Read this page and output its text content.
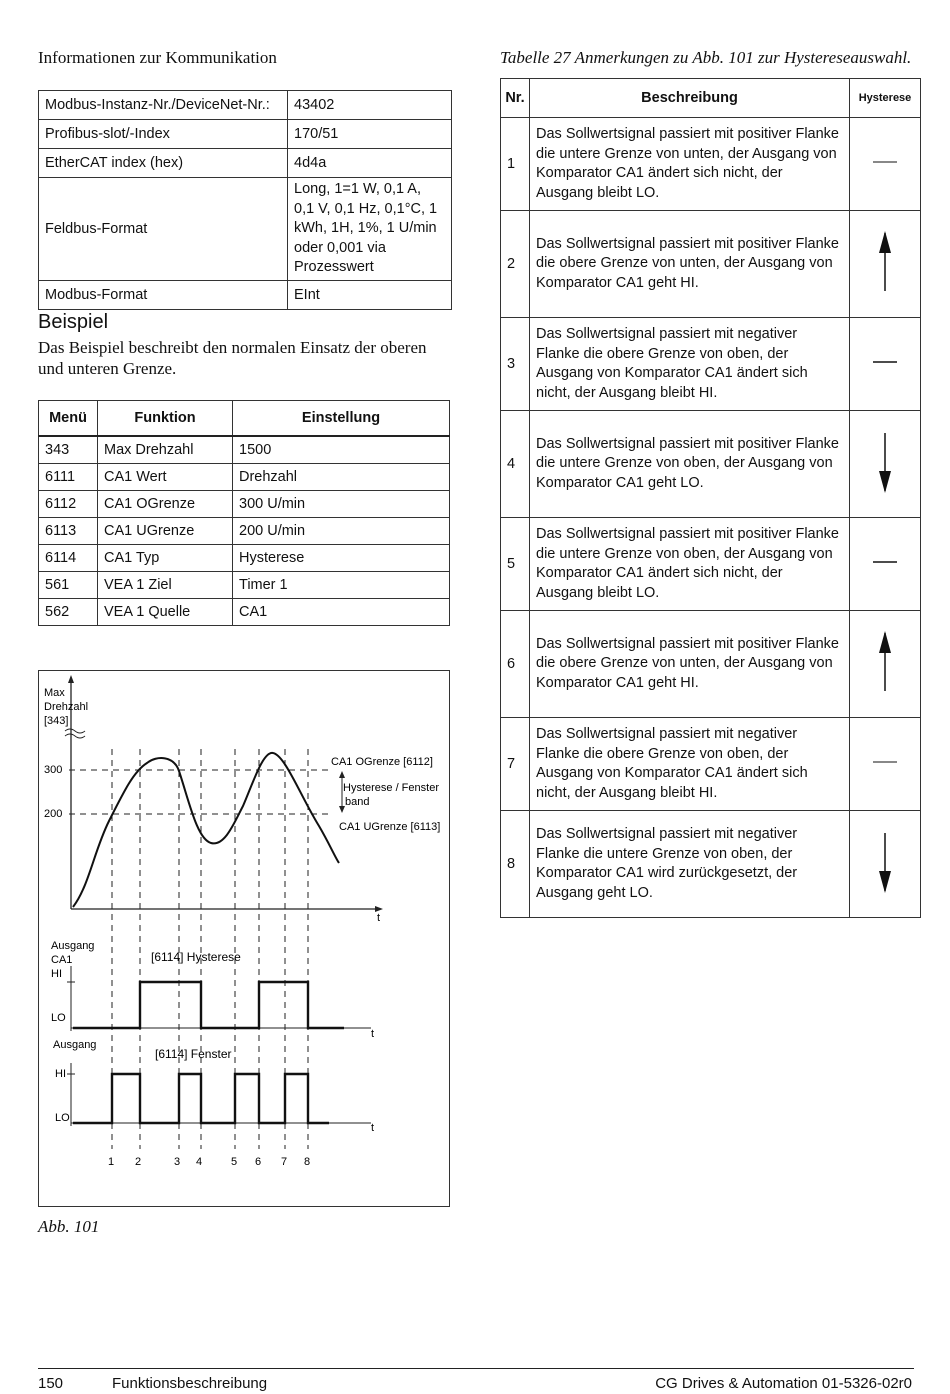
Informationen zur Kommunikation	Tabelle 27 Anmerkungen zu Abb. 101 zur Hystereseauswahl.
Modbus-Instanz-Nr./DeviceNet-Nr.:	43402
Profibus-slot/-Index	170/51
EtherCAT index (hex)	4d4a
Feldbus-Format	Long, 1=1 W, 0,1 A, 0,1 V, 0,1 Hz, 0,1°C, 1 kWh, 1H, 1%, 1 U/min oder 0,001 via Prozesswert
Modbus-Format	EInt
Beispiel
Das Beispiel beschreibt den normalen Einsatz der oberen und unteren Grenze.
Menü	Funktion	Einstellung
343	Max Drehzahl	1500
6111	CA1 Wert	Drehzahl
6112	CA1 OGrenze	300 U/min
6113	CA1 UGrenze	200 U/min
6114	CA1 Typ	Hysterese
561	VEA 1 Ziel	Timer 1
562	VEA 1 Quelle	CA1
Max
Drehzahl
[343]
300
200
CA1 OGrenze [6112]
Hysterese / Fenster
band
CA1 UGrenze [6113]
t
Ausgang
CA1
HI
LO
[6114] Hysterese
t
Ausgang
HI
LO
[6114] Fenster
t
1 2	3 4	5 6 7 8
Abb. 101
Nr.	Beschreibung	Hysterese
1	Das Sollwertsignal passiert mit positiver Flanke die untere Grenze von unten, der Ausgang von Komparator CA1 ändert sich nicht, der Ausgang bleibt LO.	
2	Das Sollwertsignal passiert mit positiver Flanke die obere Grenze von unten, der Ausgang von Komparator CA1 geht HI.	
3	Das Sollwertsignal passiert mit negativer Flanke die obere Grenze von oben, der Ausgang von Komparator CA1 ändert sich nicht, der Ausgang bleibt HI.	
4	Das Sollwertsignal passiert mit positiver Flanke die untere Grenze von oben, der Ausgang von Komparator CA1 geht LO.	
5	Das Sollwertsignal passiert mit positiver Flanke die untere Grenze von oben, der Ausgang von Komparator CA1 ändert sich nicht, der Ausgang bleibt LO.	
6	Das Sollwertsignal passiert mit positiver Flanke die obere Grenze von unten, der Ausgang von Komparator CA1 geht HI.	
7	Das Sollwertsignal passiert mit negativer Flanke die obere Grenze von oben, der Ausgang von Komparator CA1 ändert sich nicht, der Ausgang bleibt HI.	
8	Das Sollwertsignal passiert mit negativer Flanke die untere Grenze von oben, der Komparator CA1 wird zurückgesetzt, der Ausgang geht LO.	
150	Funktionsbeschreibung	CG Drives & Automation 01-5326-02r0
